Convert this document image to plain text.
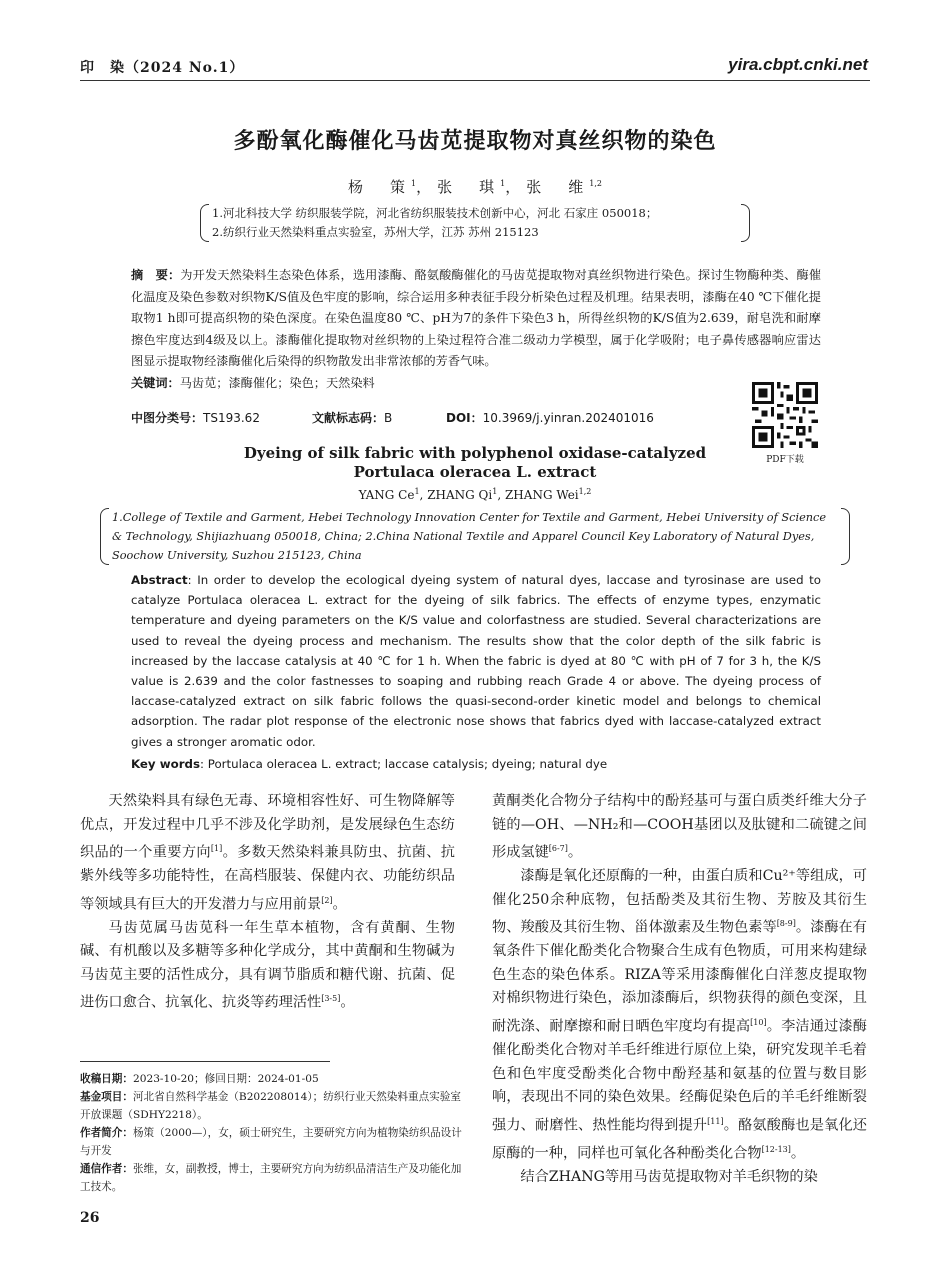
印　染（2024 No.1）	yira.cbpt.cnki.net
多酚氧化酶催化马齿苋提取物对真丝织物的染色
杨　策$^1$，张　琪$^1$，张　维$^{1,2}$
1.河北科技大学 纺织服装学院，河北省纺织服装技术创新中心，河北 石家庄 050018；
2.纺织行业天然染料重点实验室，苏州大学，江苏 苏州 215123
摘　要：为开发天然染料生态染色体系，选用漆酶、酪氨酸酶催化的马齿苋提取物对真丝织物进行染色。探讨生物酶种类、酶催化温度及染色参数对织物K/S值及色牢度的影响，综合运用多种表征手段分析染色过程及机理。结果表明，漆酶在40 ℃下催化提取物1 h即可提高织物的染色深度。在染色温度80 ℃、pH为7的条件下染色3 h，所得丝织物的K/S值为2.639，耐皂洗和耐摩擦色牢度达到4级及以上。漆酶催化提取物对丝织物的上染过程符合准二级动力学模型，属于化学吸附；电子鼻传感器响应雷达图显示提取物经漆酶催化后染得的织物散发出非常浓郁的芳香气味。
关键词：马齿苋；漆酶催化；染色；天然染料
中图分类号：TS193.62	文献标志码：B	DOI：10.3969/j.yinran.202401016
PDF下载
Dyeing of silk fabric with polyphenol oxidase-catalyzed Portulaca oleracea L. extract
YANG Ce$^1$, ZHANG Qi$^1$, ZHANG Wei$^{1,2}$
1.College of Textile and Garment, Hebei Technology Innovation Center for Textile and Garment, Hebei University of Science & Technology, Shijiazhuang 050018, China; 2.China National Textile and Apparel Council Key Laboratory of Natural Dyes, Soochow University, Suzhou 215123, China
Abstract: In order to develop the ecological dyeing system of natural dyes, laccase and tyrosinase are used to catalyze Portulaca oleracea L. extract for the dyeing of silk fabrics. The effects of enzyme types, enzymatic temperature and dyeing parameters on the K/S value and colorfastness are studied. Several characterizations are used to reveal the dyeing process and mechanism. The results show that the color depth of the silk fabric is increased by the laccase catalysis at 40 ℃ for 1 h. When the fabric is dyed at 80 ℃ with pH of 7 for 3 h, the K/S value is 2.639 and the color fastnesses to soaping and rubbing reach Grade 4 or above. The dyeing process of laccase-catalyzed extract on silk fabric follows the quasi-second-order kinetic model and belongs to chemical adsorption. The radar plot response of the electronic nose shows that fabrics dyed with laccase-catalyzed extract gives a stronger aromatic odor.
Key words: Portulaca oleracea L. extract; laccase catalysis; dyeing; natural dye

天然染料具有绿色无毒、环境相容性好、可生物降解等优点，开发过程中几乎不涉及化学助剂，是发展绿色生态纺织品的一个重要方向[1]。多数天然染料兼具防虫、抗菌、抗紫外线等多功能特性，在高档服装、保健内衣、功能纺织品等领域具有巨大的开发潜力与应用前景[2]。

马齿苋属马齿苋科一年生草本植物，含有黄酮、生物碱、有机酸以及多糖等多种化学成分，其中黄酮和生物碱为马齿苋主要的活性成分，具有调节脂质和糖代谢、抗菌、促进伤口愈合、抗氧化、抗炎等药理活性[3-5]。

收稿日期：2023-10-20；修回日期：2024-01-05

基金项目：河北省自然科学基金（B202208014）；纺织行业天然染料重点实验室开放课题（SDHY2218）。

作者简介：杨策（2000—），女，硕士研究生，主要研究方向为植物染纺织品设计与开发

通信作者：张维，女，副教授，博士，主要研究方向为纺织品清洁生产及功能化加工技术。

黄酮类化合物分子结构中的酚羟基可与蛋白质类纤维大分子链的—OH、—NH₂和—COOH基团以及肽键和二硫键之间形成氢键[6-7]。

漆酶是氧化还原酶的一种，由蛋白质和Cu²⁺等组成，可催化250余种底物，包括酚类及其衍生物、芳胺及其衍生物、羧酸及其衍生物、甾体激素及生物色素等[8-9]。漆酶在有氧条件下催化酚类化合物聚合生成有色物质，可用来构建绿色生态的染色体系。RIZA等采用漆酶催化白洋葱皮提取物对棉织物进行染色，添加漆酶后，织物获得的颜色变深，且耐洗涤、耐摩擦和耐日晒色牢度均有提高[10]。李洁通过漆酶催化酚类化合物对羊毛纤维进行原位上染，研究发现羊毛着色和色牢度受酚类化合物中酚羟基和氨基的位置与数目影响，表现出不同的染色效果。经酶促染色后的羊毛纤维断裂强力、耐磨性、热性能均得到提升[11]。酪氨酸酶也是氧化还原酶的一种，同样也可氧化各种酚类化合物[12-13]。

结合ZHANG等用马齿苋提取物对羊毛织物的染

26
